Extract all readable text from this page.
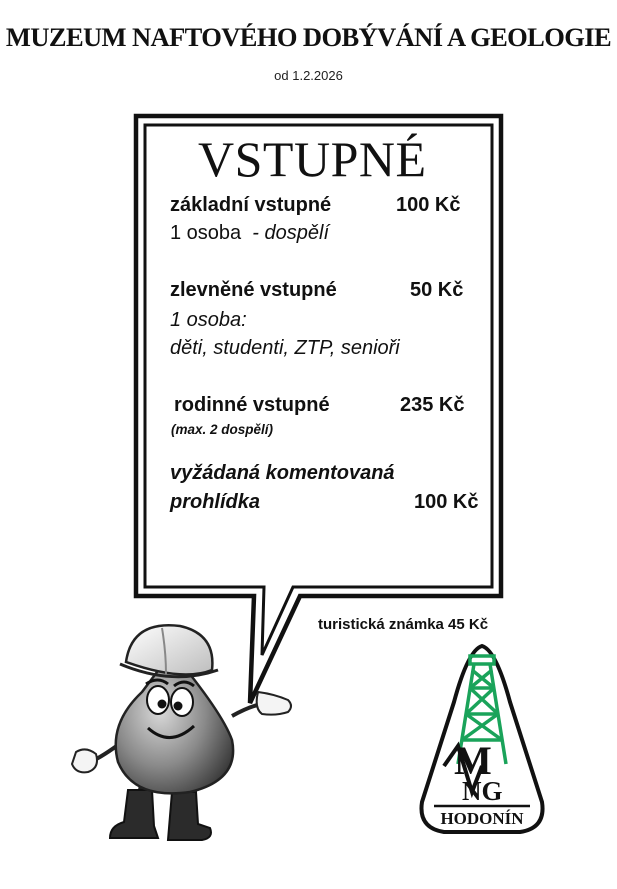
MUZEUM NAFTOVÉHO DOBÝVÁNÍ A GEOLOGIE
od 1.2.2026
VSTUPNÉ
základní vstupné	100 Kč
1 osoba - dospělí
zlevněné vstupné	50 Kč
1 osoba:
děti, studenti, ZTP, senioři
rodinné vstupné	235 Kč
(max. 2 dospělí)
vyžádaná komentovaná
prohlídka	100 Kč
turistická známka 45 Kč
M
NG
HODONÍN
